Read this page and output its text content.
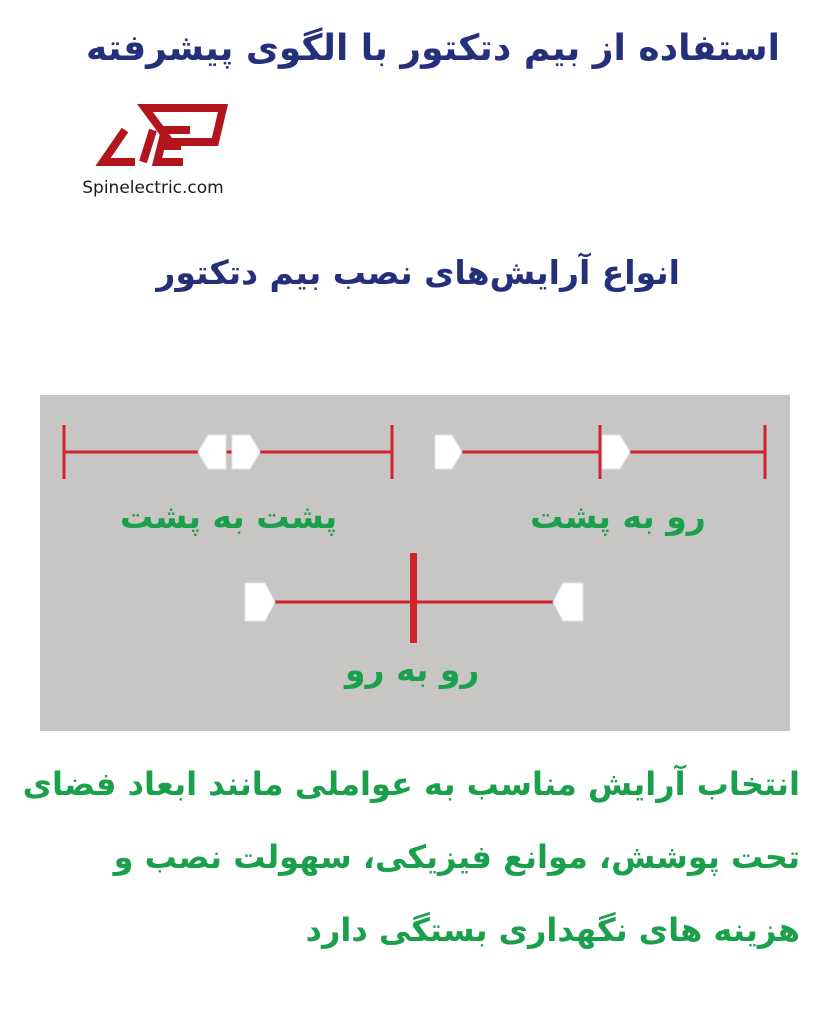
استفاده از بیم دتکتور با الگوی پیشرفته
Spinelectric.com
انواع آرایش‌های نصب بیم دتکتور
پشت به پشت	رو به پشت
رو به رو
انتخاب آرایش مناسب به عواملی مانند ابعاد فضای
تحت پوشش، موانع فیزیکی، سهولت نصب و
هزینه های نگهداری بستگی دارد
